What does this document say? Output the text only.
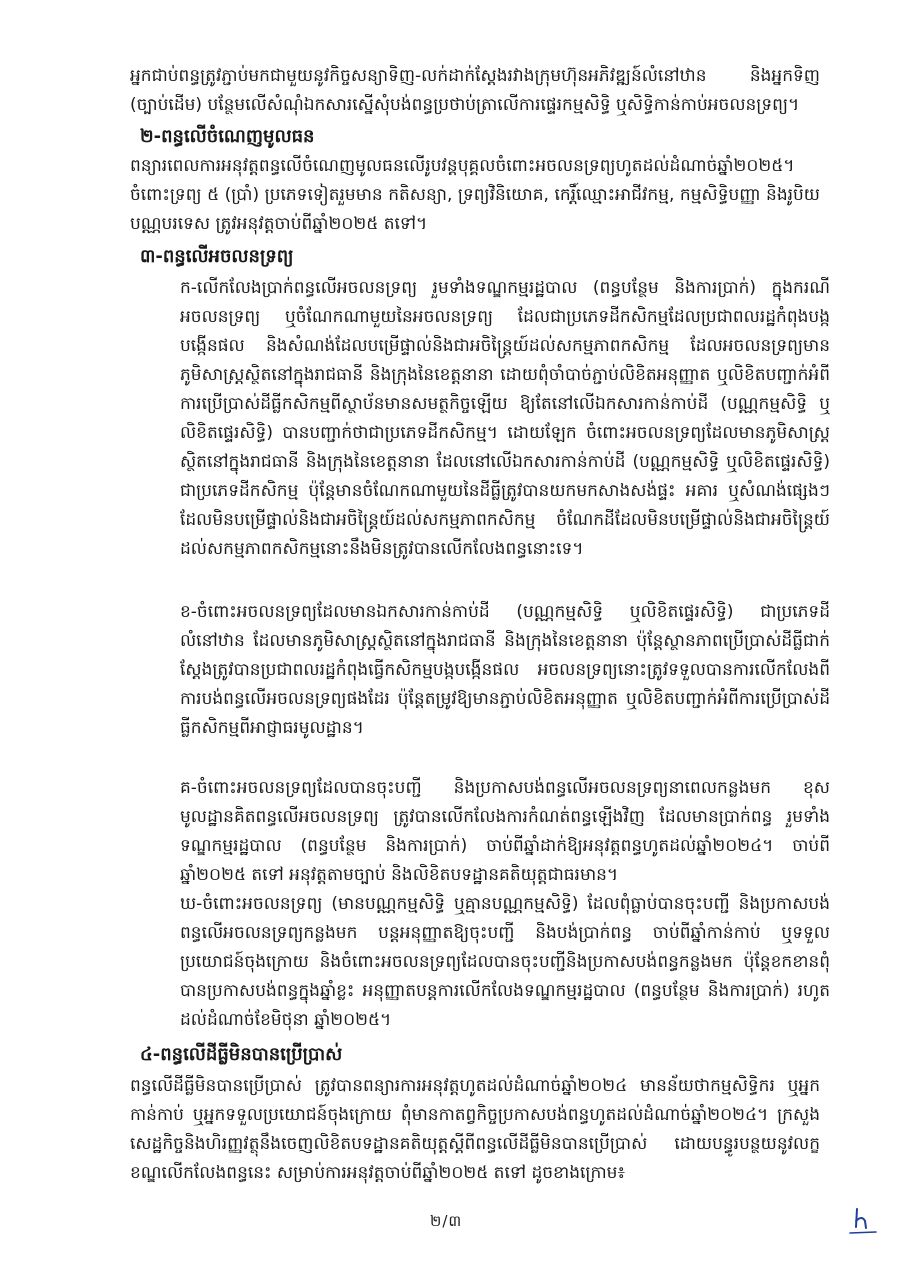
អ្នកជាប់ពន្ធត្រូវភ្ជាប់មកជាមួយនូវកិច្ចសន្យាទិញ-លក់ដាក់ស្តែងរវាងក្រុមហ៊ុនអភិវឌ្ឍន៍លំនៅឋាន និងអ្នកទិញ (ច្បាប់ដើម) បន្ថែមលើសំណុំឯកសារស្នើសុំបង់ពន្ធប្រថាប់ត្រាលើការផ្ទេរកម្មសិទ្ធិ ឬសិទ្ធិកាន់កាប់អចលនទ្រព្យ។

២-ពន្ធលើចំណេញមូលធន

ពន្យារពេលការអនុវត្តពន្ធលើចំណេញមូលធនលើរូបវន្តបុគ្គលចំពោះអចលនទ្រព្យហូតដល់ដំណាច់ឆ្នាំ២០២៥។ ចំពោះទ្រព្យ ៥ (ប្រាំ) ប្រភេទទៀតរួមមាន កតិសន្យា, ទ្រព្យវិនិយោគ, កេរ្តិ៍ឈ្មោះអាជីវកម្ម, កម្មសិទ្ធិបញ្ញា និងរូបិយបណ្ណបរទេស ត្រូវអនុវត្តចាប់ពីឆ្នាំ២០២៥ តទៅ។

៣-ពន្ធលើអចលនទ្រព្យ

ក-លើកលែងប្រាក់ពន្ធលើអចលនទ្រព្យ រួមទាំងទណ្ឌកម្មរដ្ឋបាល (ពន្ធបន្ថែម និងការប្រាក់) ក្នុងករណីអចលនទ្រព្យ ឬចំណែកណាមួយនៃអចលនទ្រព្យ ដែលជាប្រភេទដីកសិកម្មដែលប្រជាពលរដ្ឋកំពុងបង្កបង្កើនផល និងសំណង់ដែលបម្រើផ្ទាល់និងជាអចិន្ត្រៃយ៍ដល់សកម្មភាពកសិកម្ម ដែលអចលនទ្រព្យមានភូមិសាស្ត្រស្ថិតនៅក្នុងរាជធានី និងក្រុងនៃខេត្តនានា ដោយពុំចាំបាច់ភ្ជាប់លិខិតអនុញ្ញាត ឬលិខិតបញ្ជាក់អំពីការប្រើប្រាស់ដីធ្លីកសិកម្មពីស្ថាប័នមានសមត្ថកិច្ចឡើយ ឱ្យតែនៅលើឯកសារកាន់កាប់ដី (បណ្ណកម្មសិទ្ធិ ឬលិខិតផ្ទេរសិទ្ធិ) បានបញ្ជាក់ថាជាប្រភេទដីកសិកម្ម។ ដោយឡែក ចំពោះអចលនទ្រព្យដែលមានភូមិសាស្ត្រស្ថិតនៅក្នុងរាជធានី និងក្រុងនៃខេត្តនានា ដែលនៅលើឯកសារកាន់កាប់ដី (បណ្ណកម្មសិទ្ធិ ឬលិខិតផ្ទេរសិទ្ធិ) ជាប្រភេទដីកសិកម្ម ប៉ុន្តែមានចំណែកណាមួយនៃដីធ្លីត្រូវបានយកមកសាងសង់ផ្ទះ អគារ ឬសំណង់ផ្សេងៗ ដែលមិនបម្រើផ្ទាល់និងជាអចិន្ត្រៃយ៍ដល់សកម្មភាពកសិកម្ម ចំណែកដីដែលមិនបម្រើផ្ទាល់និងជាអចិន្ត្រៃយ៍ដល់សកម្មភាពកសិកម្មនោះនឹងមិនត្រូវបានលើកលែងពន្ធនោះទេ។

ខ-ចំពោះអចលនទ្រព្យដែលមានឯកសារកាន់កាប់ដី (បណ្ណកម្មសិទ្ធិ ឬលិខិតផ្ទេរសិទ្ធិ) ជាប្រភេទដីលំនៅឋាន ដែលមានភូមិសាស្ត្រស្ថិតនៅក្នុងរាជធានី និងក្រុងនៃខេត្តនានា ប៉ុន្តែស្ថានភាពប្រើប្រាស់ដីធ្លីជាក់ស្តែងត្រូវបានប្រជាពលរដ្ឋកំពុងធ្វើកសិកម្មបង្កបង្កើនផល អចលនទ្រព្យនោះត្រូវទទួលបានការលើកលែងពីការបង់ពន្ធលើអចលនទ្រព្យផងដែរ ប៉ុន្តែតម្រូវឱ្យមានភ្ជាប់លិខិតអនុញ្ញាត ឬលិខិតបញ្ជាក់អំពីការប្រើប្រាស់ដីធ្លីកសិកម្មពីអាជ្ញាធរមូលដ្ឋាន។

គ-ចំពោះអចលនទ្រព្យដែលបានចុះបញ្ជី និងប្រកាសបង់ពន្ធលើអចលនទ្រព្យនាពេលកន្លងមក ខុសមូលដ្ឋានគិតពន្ធលើអចលនទ្រព្យ ត្រូវបានលើកលែងការកំណត់ពន្ធឡើងវិញ ដែលមានប្រាក់ពន្ធ រួមទាំងទណ្ឌកម្មរដ្ឋបាល (ពន្ធបន្ថែម និងការប្រាក់) ចាប់ពីឆ្នាំដាក់ឱ្យអនុវត្តពន្ធហូតដល់ឆ្នាំ២០២៤។ ចាប់ពីឆ្នាំ២០២៥ តទៅ អនុវត្តតាមច្បាប់ និងលិខិតបទដ្ឋានគតិយុត្តជាធរមាន។

ឃ-ចំពោះអចលនទ្រព្យ (មានបណ្ណកម្មសិទ្ធិ ឬគ្មានបណ្ណកម្មសិទ្ធិ) ដែលពុំធ្លាប់បានចុះបញ្ជី និងប្រកាសបង់ពន្ធលើអចលនទ្រព្យកន្លងមក បន្តអនុញ្ញាតឱ្យចុះបញ្ជី និងបង់ប្រាក់ពន្ធ ចាប់ពីឆ្នាំកាន់កាប់ ឬទទួលប្រយោជន៍ចុងក្រោយ និងចំពោះអចលនទ្រព្យដែលបានចុះបញ្ជីនិងប្រកាសបង់ពន្ធកន្លងមក ប៉ុន្តែខកខានពុំបានប្រកាសបង់ពន្ធក្នុងឆ្នាំខ្លះ អនុញ្ញាតបន្តការលើកលែងទណ្ឌកម្មរដ្ឋបាល (ពន្ធបន្ថែម និងការប្រាក់) រហូតដល់ដំណាច់ខែមិថុនា ឆ្នាំ២០២៥។

៤-ពន្ធលើដីធ្លីមិនបានប្រើប្រាស់

ពន្ធលើដីធ្លីមិនបានប្រើប្រាស់ ត្រូវបានពន្យារការអនុវត្តហូតដល់ដំណាច់ឆ្នាំ២០២៤ មានន័យថាកម្មសិទ្ធិករ ឬអ្នកកាន់កាប់ ឬអ្នកទទួលប្រយោជន៍ចុងក្រោយ ពុំមានកាតព្វកិច្ចប្រកាសបង់ពន្ធហូតដល់ដំណាច់ឆ្នាំ២០២៤។ ក្រសួងសេដ្ឋកិច្ចនិងហិរញ្ញវត្ថុនឹងចេញលិខិតបទដ្ឋានគតិយុត្តស្តីពីពន្ធលើដីធ្លីមិនបានប្រើប្រាស់ ដោយបន្ធូរបន្ថយនូវលក្ខខណ្ឌលើកលែងពន្ធនេះ សម្រាប់ការអនុវត្តចាប់ពីឆ្នាំ២០២៥ តទៅ ដូចខាងក្រោម៖

២/៣
